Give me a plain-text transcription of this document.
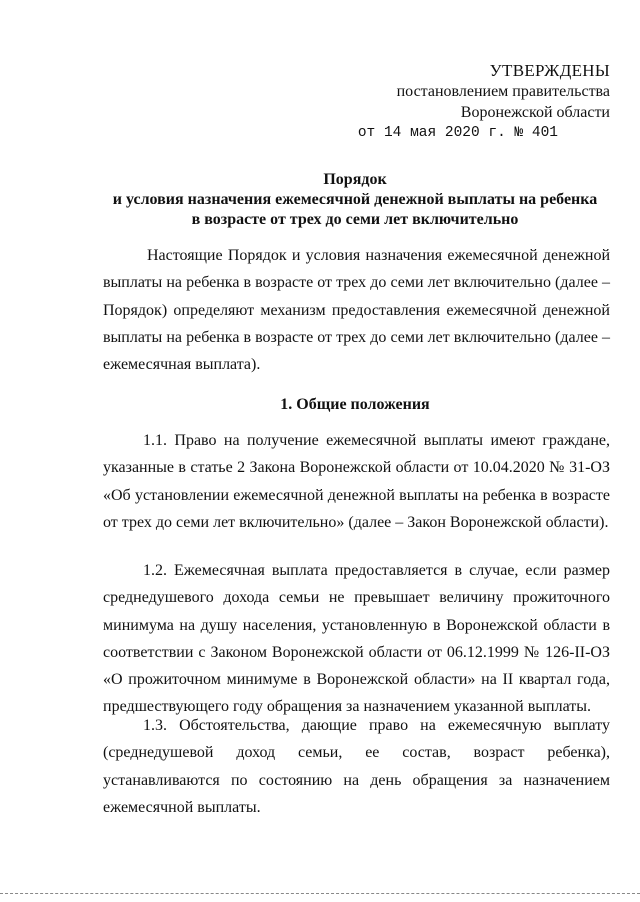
УТВЕРЖДЕНЫ
постановлением правительства
Воронежской области
от 14 мая 2020 г. № 401
Порядок
и условия назначения ежемесячной денежной выплаты на ребенка
в возрасте от трех до семи лет включительно
Настоящие Порядок и условия назначения ежемесячной денежной выплаты на ребенка в возрасте от трех до семи лет включительно (далее – Порядок) определяют механизм предоставления ежемесячной денежной выплаты на ребенка в возрасте от трех до семи лет включительно (далее – ежемесячная выплата).
1. Общие положения
1.1. Право на получение ежемесячной выплаты имеют граждане, указанные в статье 2 Закона Воронежской области от 10.04.2020 № 31-ОЗ «Об установлении ежемесячной денежной выплаты на ребенка в возрасте от трех до семи лет включительно» (далее – Закон Воронежской области).
1.2. Ежемесячная выплата предоставляется в случае, если размер среднедушевого дохода семьи не превышает величину прожиточного минимума на душу населения, установленную в Воронежской области в соответствии с Законом Воронежской области от 06.12.1999 № 126-II-ОЗ «О прожиточном минимуме в Воронежской области» на II квартал года, предшествующего году обращения за назначением указанной выплаты.
1.3. Обстоятельства, дающие право на ежемесячную выплату (среднедушевой доход семьи, ее состав, возраст ребенка), устанавливаются по состоянию на день обращения за назначением ежемесячной выплаты.
